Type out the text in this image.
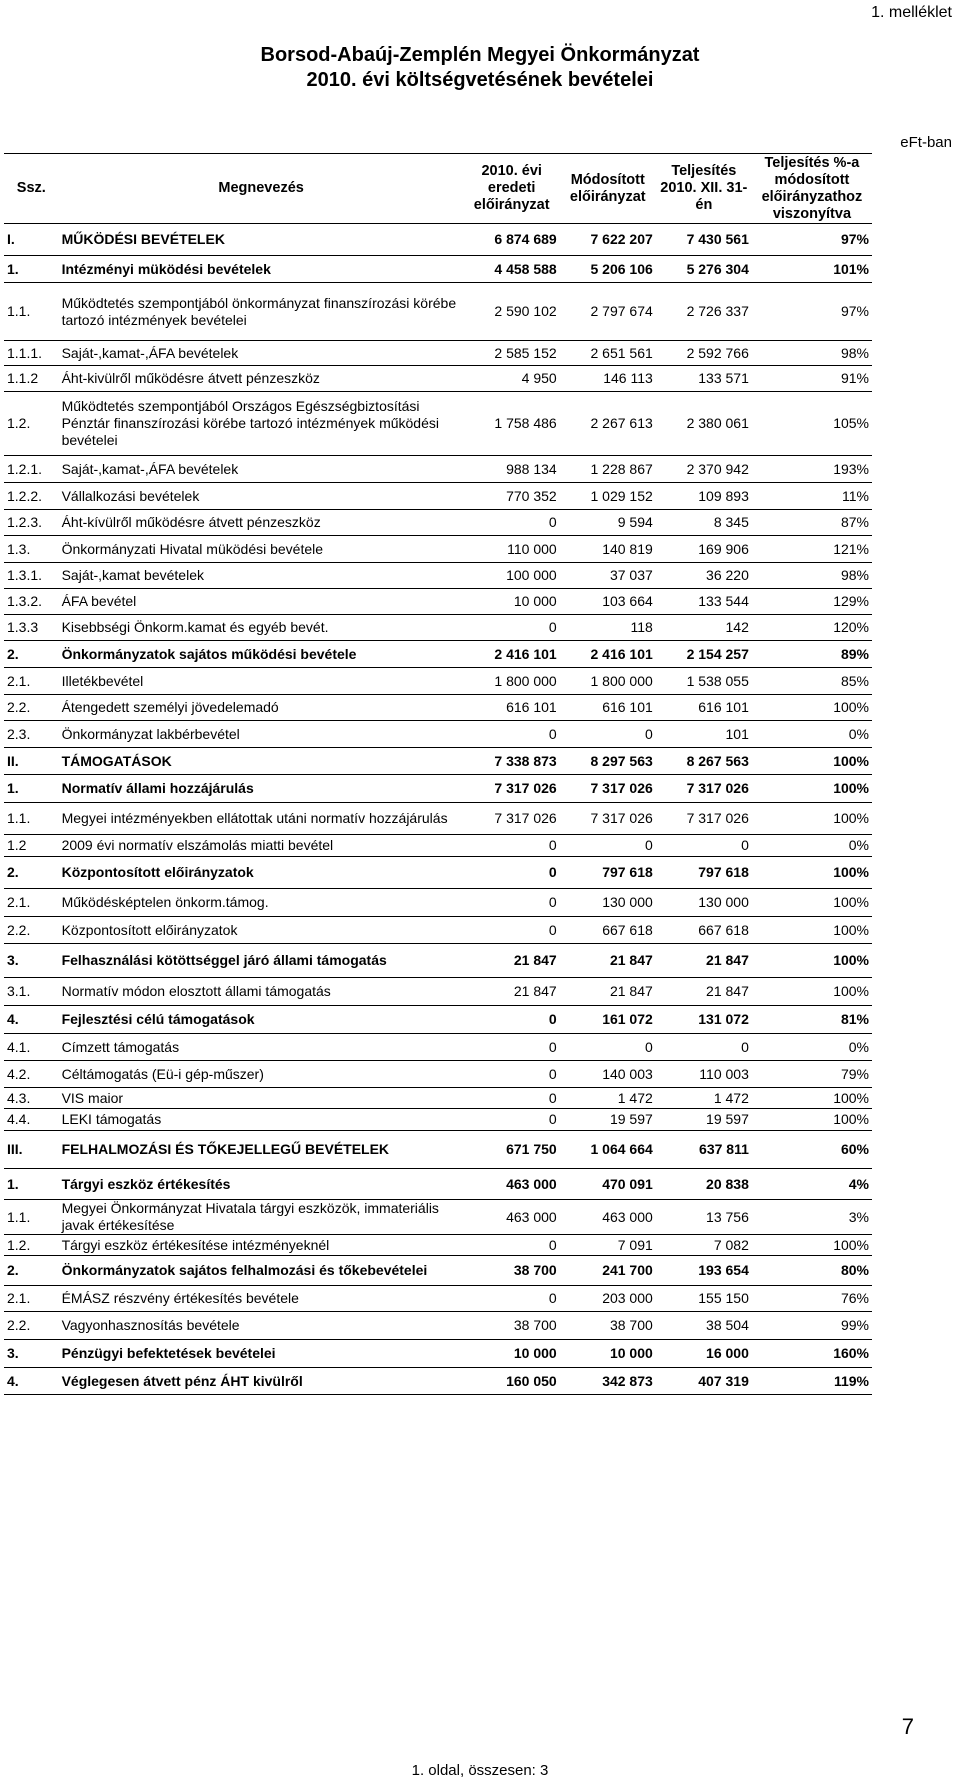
1. melléklet
Borsod-Abaúj-Zemplén Megyei Önkormányzat
2010. évi költségvetésének bevételei
eFt-ban
Ssz.	Megnevezés	2010. évi eredeti előirányzat	Módosított előirányzat	Teljesítés 2010. XII. 31-én	Teljesítés %-a módosított előirányzathoz viszonyítva
I.	MŰKÖDÉSI BEVÉTELEK	6 874 689	7 622 207	7 430 561	97%
1.	Intézményi müködési bevételek	4 458 588	5 206 106	5 276 304	101%
1.1.	Működtetés szempontjából önkormányzat finanszírozási körébe tartozó intézmények bevételei	2 590 102	2 797 674	2 726 337	97%
1.1.1.	Saját-,kamat-,ÁFA bevételek	2 585 152	2 651 561	2 592 766	98%
1.1.2	Áht-kivülről működésre átvett pénzeszköz	4 950	146 113	133 571	91%
1.2.	Működtetés szempontjából Országos Egészségbiztosítási Pénztár finanszírozási körébe tartozó intézmények működési bevételei	1 758 486	2 267 613	2 380 061	105%
1.2.1.	Saját-,kamat-,ÁFA bevételek	988 134	1 228 867	2 370 942	193%
1.2.2.	Vállalkozási bevételek	770 352	1 029 152	109 893	11%
1.2.3.	Áht-kívülről működésre átvett pénzeszköz	0	9 594	8 345	87%
1.3.	Önkormányzati Hivatal müködési bevétele	110 000	140 819	169 906	121%
1.3.1.	Saját-,kamat bevételek	100 000	37 037	36 220	98%
1.3.2.	ÁFA bevétel	10 000	103 664	133 544	129%
1.3.3	Kisebbségi Önkorm.kamat és egyéb bevét.	0	118	142	120%
2.	Önkormányzatok sajátos működési bevétele	2 416 101	2 416 101	2 154 257	89%
2.1.	Illetékbevétel	1 800 000	1 800 000	1 538 055	85%
2.2.	Átengedett személyi jövedelemadó	616 101	616 101	616 101	100%
2.3.	Önkormányzat lakbérbevétel	0	0	101	0%
II.	TÁMOGATÁSOK	7 338 873	8 297 563	8 267 563	100%
1.	Normatív állami hozzájárulás	7 317 026	7 317 026	7 317 026	100%
1.1.	Megyei intézményekben ellátottak utáni normatív hozzájárulás	7 317 026	7 317 026	7 317 026	100%
1.2	2009 évi normatív elszámolás miatti bevétel	0	0	0	0%
2.	Központosított előirányzatok	0	797 618	797 618	100%
2.1.	Működésképtelen önkorm.támog.	0	130 000	130 000	100%
2.2.	Központosított előirányzatok	0	667 618	667 618	100%
3.	Felhasználási kötöttséggel járó állami támogatás	21 847	21 847	21 847	100%
3.1.	Normatív módon elosztott állami támogatás	21 847	21 847	21 847	100%
4.	Fejlesztési célú támogatások	0	161 072	131 072	81%
4.1.	Címzett támogatás	0	0	0	0%
4.2.	Céltámogatás (Eü-i gép-műszer)	0	140 003	110 003	79%
4.3.	VIS maior	0	1 472	1 472	100%
4.4.	LEKI támogatás	0	19 597	19 597	100%
III.	FELHALMOZÁSI ÉS TŐKEJELLEGŰ BEVÉTELEK	671 750	1 064 664	637 811	60%
1.	Tárgyi eszköz értékesítés	463 000	470 091	20 838	4%
1.1.	Megyei Önkormányzat Hivatala tárgyi eszközök, immateriális javak értékesítése	463 000	463 000	13 756	3%
1.2.	Tárgyi eszköz értékesítése intézményeknél	0	7 091	7 082	100%
2.	Önkormányzatok sajátos felhalmozási és tőkebevételei	38 700	241 700	193 654	80%
2.1.	ÉMÁSZ részvény értékesítés bevétele	0	203 000	155 150	76%
2.2.	Vagyonhasznosítás bevétele	38 700	38 700	38 504	99%
3.	Pénzügyi befektetések bevételei	10 000	10 000	16 000	160%
4.	Véglegesen átvett pénz ÁHT kivülről	160 050	342 873	407 319	119%
7
1. oldal, összesen: 3
